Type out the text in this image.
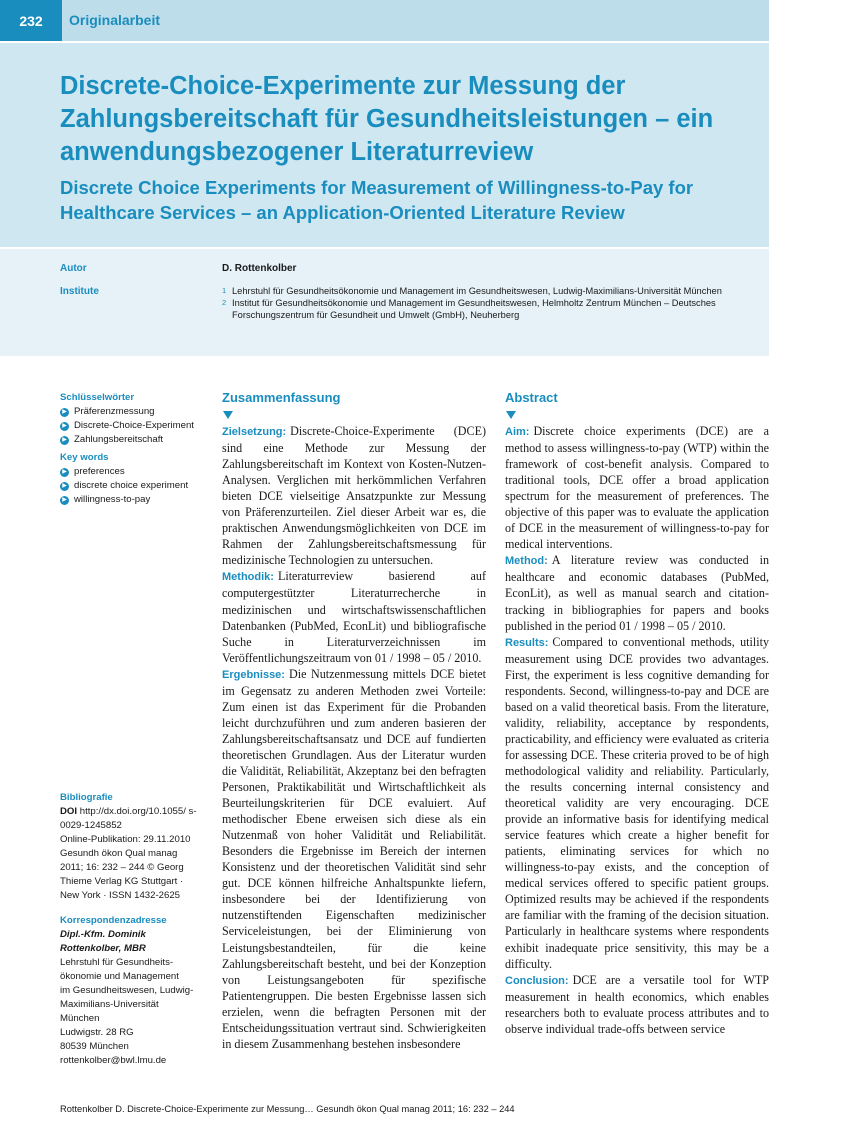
232	Originalarbeit
Discrete-Choice-Experimente zur Messung der Zahlungsbereitschaft für Gesundheitsleistungen – ein anwendungsbezogener Literaturreview
Discrete Choice Experiments for Measurement of Willingness-to-Pay for Healthcare Services – an Application-Oriented Literature Review
Autor	D. Rottenkolber
Institute	1 Lehrstuhl für Gesundheitsökonomie und Management im Gesundheitswesen, Ludwig-Maximilians-Universität München
2 Institut für Gesundheitsökonomie und Management im Gesundheitswesen, Helmholtz Zentrum München – Deutsches Forschungszentrum für Gesundheit und Umwelt (GmbH), Neuherberg
Schlüsselwörter
▶ Präferenzmessung
▶ Discrete-Choice-Experiment
▶ Zahlungsbereitschaft
Key words
▶ preferences
▶ discrete choice experiment
▶ willingness-to-pay
Bibliografie
DOI http://dx.doi.org/10.1055/ s-0029-1245852
Online-Publikation: 29.11.2010
Gesundh ökon Qual manag
2011; 16: 232 – 244 © Georg
Thieme Verlag KG Stuttgart ·
New York · ISSN 1432-2625
Korrespondenzadresse
Dipl.-Kfm. Dominik
Rottenkolber, MBR
Lehrstuhl für Gesundheits-
ökonomie und Management
im Gesundheitswesen, Ludwig-
Maximilians-Universität
München
Ludwigstr. 28 RG
80539 München
rottenkolber@bwl.lmu.de
Zusammenfassung
Zielsetzung: Discrete-Choice-Experimente (DCE) sind eine Methode zur Messung der Zahlungsbereitschaft im Kontext von Kosten-Nutzen-Analysen. Verglichen mit herkömmlichen Verfahren bieten DCE vielseitige Ansatzpunkte zur Messung von Präferenzurteilen. Ziel dieser Arbeit war es, die praktischen Anwendungsmöglichkeiten von DCE im Rahmen der Zahlungsbereitschaftsmessung für medizinische Technologien zu untersuchen.
Methodik: Literaturreview basierend auf computergestützter Literaturrecherche in medizinischen und wirtschaftswissenschaftlichen Datenbanken (PubMed, EconLit) und bibliografische Suche in Literaturverzeichnissen im Veröffentlichungszeitraum von 01 / 1998 – 05 / 2010.
Ergebnisse: Die Nutzenmessung mittels DCE bietet im Gegensatz zu anderen Methoden zwei Vorteile: Zum einen ist das Experiment für die Probanden leicht durchzuführen und zum anderen basieren der Zahlungsbereitschaftsansatz und DCE auf fundierten theoretischen Grundlagen. Aus der Literatur wurden die Validität, Reliabilität, Akzeptanz bei den befragten Personen, Praktikabilität und Wirtschaftlichkeit als Beurteilungskriterien für DCE evaluiert. Auf methodischer Ebene erweisen sich diese als ein Nutzenmaß von hoher Validität und Reliabilität. Besonders die Ergebnisse im Bereich der internen Konsistenz und der theoretischen Validität sind sehr gut. DCE können hilfreiche Anhaltspunkte liefern, insbesondere bei der Identifizierung von nutzenstiftenden Eigenschaften medizinischer Serviceleistungen, bei der Eliminierung von Leistungsbestandteilen, für die keine Zahlungsbereitschaft besteht, und bei der Konzeption von Leistungsangeboten für spezifische Patientengruppen. Die besten Ergebnisse lassen sich erzielen, wenn die befragten Personen mit der Entscheidungssituation vertraut sind. Schwierigkeiten in diesem Zusammenhang bestehen insbesondere
Abstract
Aim: Discrete choice experiments (DCE) are a method to assess willingness-to-pay (WTP) within the framework of cost-benefit analysis. Compared to traditional tools, DCE offer a broad application spectrum for the measurement of preferences. The objective of this paper was to evaluate the application of DCE in the measurement of willingness-to-pay for medical interventions.
Method: A literature review was conducted in healthcare and economic databases (PubMed, EconLit), as well as manual search and citation-tracking in bibliographies for papers and books published in the period 01 / 1998 – 05 / 2010.
Results: Compared to conventional methods, utility measurement using DCE provides two advantages. First, the experiment is less cognitive demanding for respondents. Second, willingness-to-pay and DCE are based on a valid theoretical basis. From the literature, validity, reliability, acceptance by respondents, practicability, and efficiency were evaluated as criteria for assessing DCE. These criteria proved to be of high methodological validity and reliability. Particularly, the results concerning internal consistency and theoretical validity are very encouraging. DCE provide an informative basis for identifying medical service features which create a higher benefit for patients, eliminating services for which no willingness-to-pay exists, and the conception of medical services offered to specific patient groups. Optimized results may be achieved if the respondents are familiar with the framing of the decision situation. Particularly in healthcare systems where respondents exhibit inadequate price sensitivity, this may be a difficulty.
Conclusion: DCE are a versatile tool for WTP measurement in health economics, which enables researchers both to evaluate process attributes and to observe individual trade-offs between service
Rottenkolber D. Discrete-Choice-Experimente zur Messung… Gesundh ökon Qual manag 2011; 16: 232 – 244
